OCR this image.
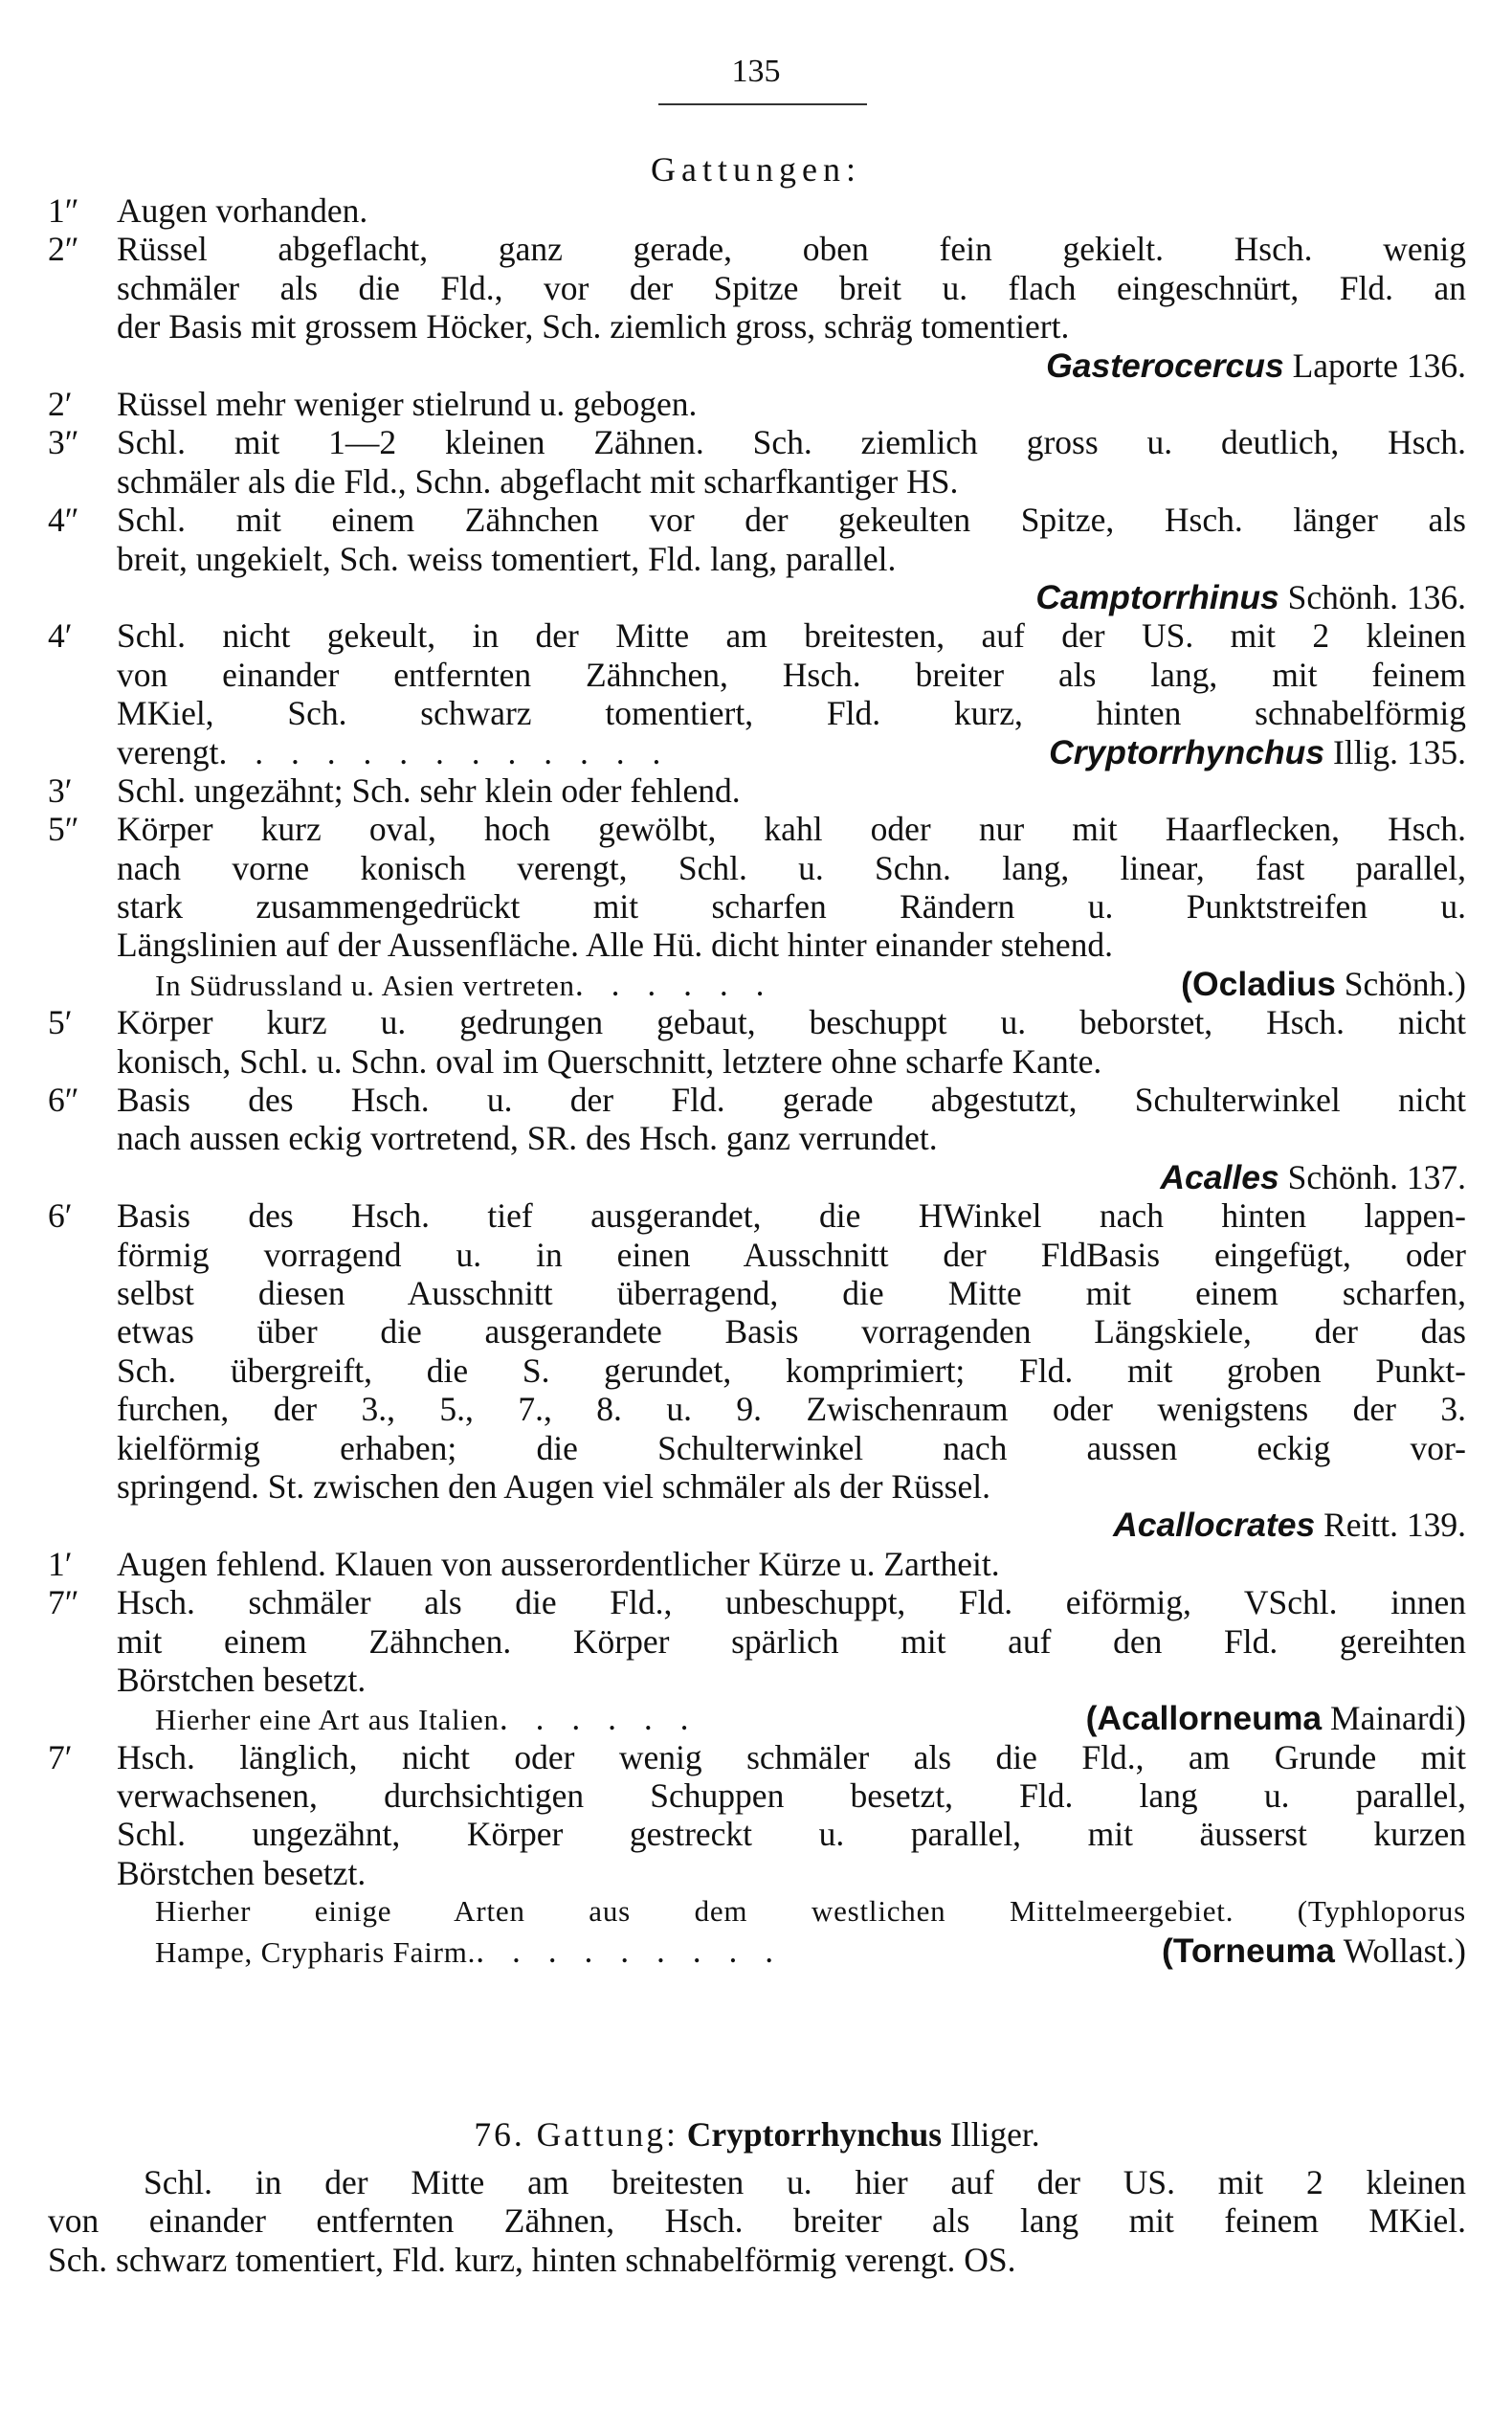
135
Gattungen:
1″	Augen vorhanden.
2″	Rüssel abgeflacht, ganz gerade, oben fein gekielt. Hsch. wenig
schmäler als die Fld., vor der Spitze breit u. flach eingeschnürt, Fld. an
der Basis mit grossem Höcker, Sch. ziemlich gross, schräg tomentiert.
Gasterocercus Laporte 136.
2′	Rüssel mehr weniger stielrund u. gebogen.
3″	Schl. mit 1—2 kleinen Zähnen. Sch. ziemlich gross u. deutlich, Hsch.
schmäler als die Fld., Schn. abgeflacht mit scharfkantiger HS.
4″	Schl. mit einem Zähnchen vor der gekeulten Spitze, Hsch. länger als
breit, ungekielt, Sch. weiss tomentiert, Fld. lang, parallel.
Camptorrhinus Schönh. 136.
4′	Schl. nicht gekeult, in der Mitte am breitesten, auf der US. mit 2 kleinen
von einander entfernten Zähnchen, Hsch. breiter als lang, mit feinem
MKiel, Sch. schwarz tomentiert, Fld. kurz, hinten schnabelförmig
verengt . . . . . . . . . . . . .	Cryptorrhynchus
Illig. 135.
3′	Schl. ungezähnt; Sch. sehr klein oder fehlend.
5″	Körper kurz oval, hoch gewölbt, kahl oder nur mit Haarflecken, Hsch.
nach vorne konisch verengt, Schl. u. Schn. lang, linear, fast parallel,
stark zusammengedrückt mit scharfen Rändern u. Punktstreifen u.
Längslinien auf der Aussenfläche. Alle Hü. dicht hinter einander stehend.
In Südrussland u. Asien vertreten . . . . . .	(Ocladius
Schönh.)
5′	Körper kurz u. gedrungen gebaut, beschuppt u. beborstet, Hsch. nicht
konisch, Schl. u. Schn. oval im Querschnitt, letztere ohne scharfe Kante.
6″	Basis des Hsch. u. der Fld. gerade abgestutzt, Schulterwinkel nicht
nach aussen eckig vortretend, SR. des Hsch. ganz verrundet.
Acalles Schönh. 137.
6′	Basis des Hsch. tief ausgerandet, die HWinkel nach hinten lappen-
förmig vorragend u. in einen Ausschnitt der FldBasis eingefügt, oder
selbst diesen Ausschnitt überragend, die Mitte mit einem scharfen,
etwas über die ausgerandete Basis vorragenden Längskiele, der das
Sch. übergreift, die S. gerundet, komprimiert; Fld. mit groben Punkt-
furchen, der 3., 5., 7., 8. u. 9. Zwischenraum oder wenigstens der 3.
kielförmig erhaben; die Schulterwinkel nach aussen eckig vor-
springend. St. zwischen den Augen viel schmäler als der Rüssel.
Acallocrates Reitt. 139.
1′	Augen fehlend. Klauen von ausserordentlicher Kürze u. Zartheit.
7″	Hsch. schmäler als die Fld., unbeschuppt, Fld. eiförmig, VSchl. innen
mit einem Zähnchen. Körper spärlich mit auf den Fld. gereihten
Börstchen besetzt.
Hierher eine Art aus Italien . . . . . .	(Acallorneuma
Mainardi)
7′	Hsch. länglich, nicht oder wenig schmäler als die Fld., am Grunde mit
verwachsenen, durchsichtigen Schuppen besetzt, Fld. lang u. parallel,
Schl. ungezähnt, Körper gestreckt u. parallel, mit äusserst kurzen
Börstchen besetzt.
Hierher einige Arten aus dem westlichen Mittelmeergebiet. (Typhloporus
Hampe, Crypharis Fairm. . . . . . . . . .	(Torneuma
Wollast.)
76. Gattung: Cryptorrhynchus Illiger.
Schl. in der Mitte am breitesten u. hier auf der US. mit 2 kleinen
von einander entfernten Zähnen, Hsch. breiter als lang mit feinem MKiel.
Sch. schwarz tomentiert, Fld. kurz, hinten schnabelförmig verengt. OS.
